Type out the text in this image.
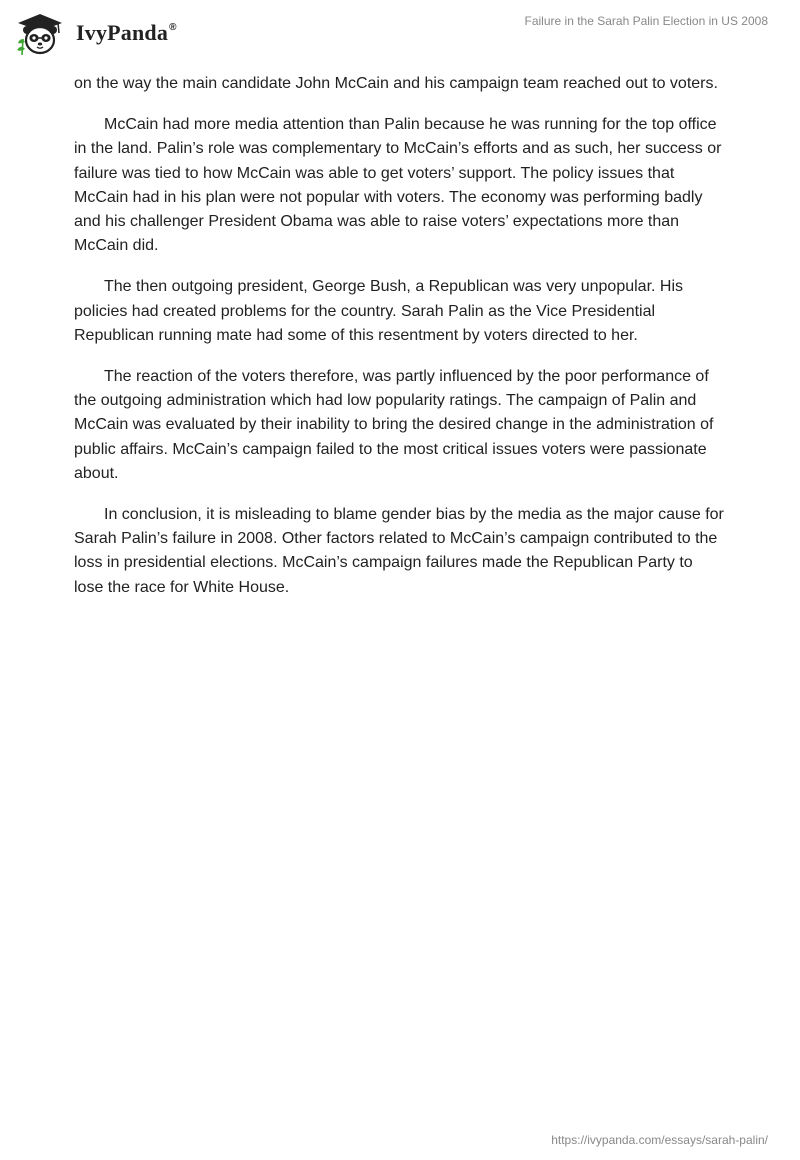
IvyPanda®	Failure in the Sarah Palin Election in US 2008

on the way the main candidate John McCain and his campaign team reached out to voters.

McCain had more media attention than Palin because he was running for the top office in the land. Palin’s role was complementary to McCain’s efforts and as such, her success or failure was tied to how McCain was able to get voters’ support. The policy issues that McCain had in his plan were not popular with voters. The economy was performing badly and his challenger President Obama was able to raise voters’ expectations more than McCain did.

The then outgoing president, George Bush, a Republican was very unpopular. His policies had created problems for the country. Sarah Palin as the Vice Presidential Republican running mate had some of this resentment by voters directed to her.

The reaction of the voters therefore, was partly influenced by the poor performance of the outgoing administration which had low popularity ratings. The campaign of Palin and McCain was evaluated by their inability to bring the desired change in the administration of public affairs. McCain’s campaign failed to the most critical issues voters were passionate about.

In conclusion, it is misleading to blame gender bias by the media as the major cause for Sarah Palin’s failure in 2008. Other factors related to McCain’s campaign contributed to the loss in presidential elections. McCain’s campaign failures made the Republican Party to lose the race for White House.

https://ivypanda.com/essays/sarah-palin/
